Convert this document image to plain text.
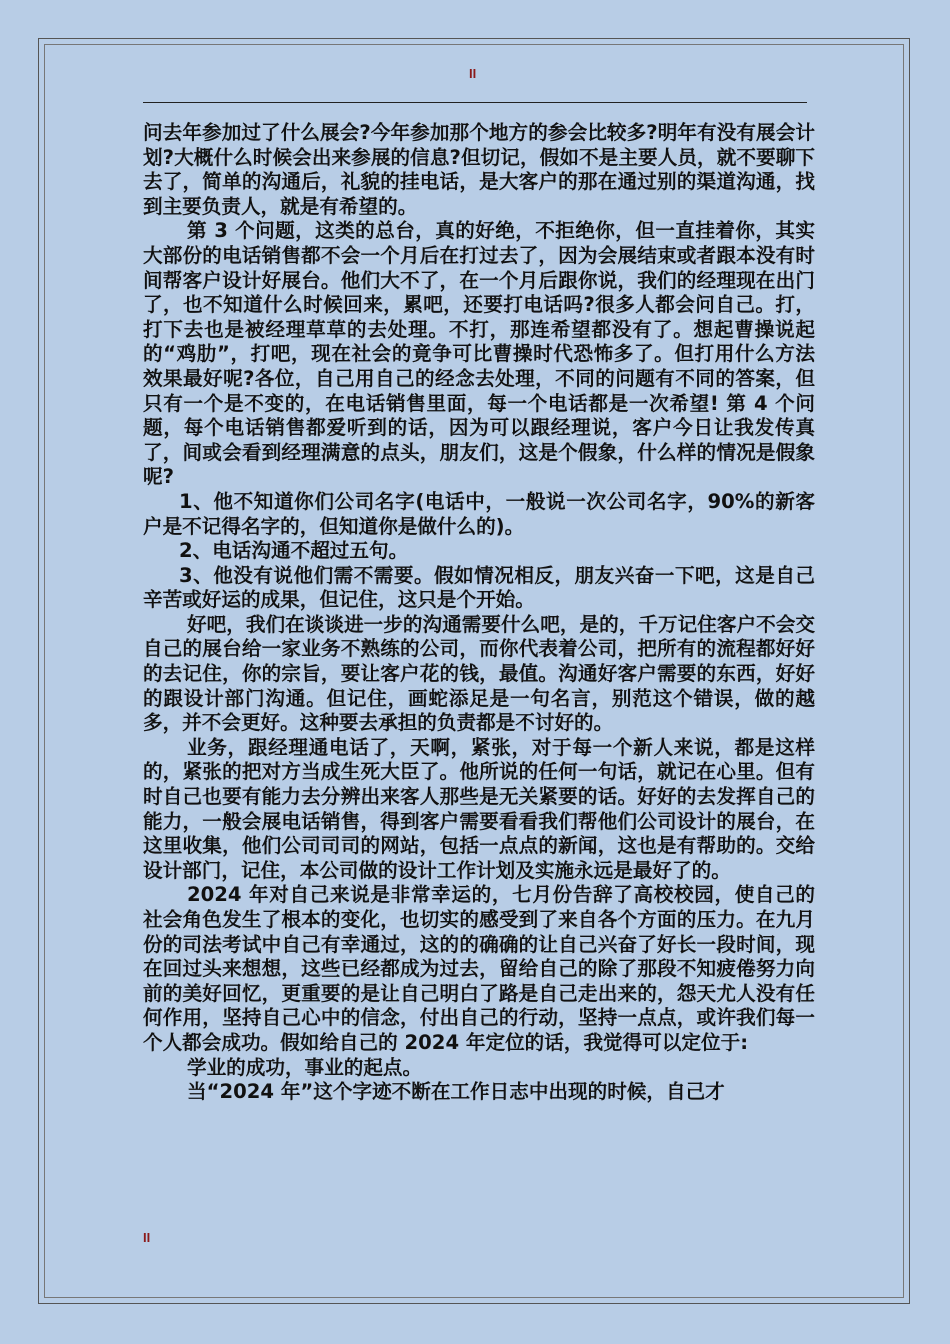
II

问去年参加过了什么展会?今年参加那个地方的参会比较多?明年有没有展会计划?大概什么时候会出来参展的信息?但切记，假如不是主要人员，就不要聊下去了，简单的沟通后，礼貌的挂电话，是大客户的那在通过别的渠道沟通，找到主要负责人，就是有希望的。

第 3 个问题，这类的总台，真的好绝，不拒绝你，但一直挂着你，其实大部份的电话销售都不会一个月后在打过去了，因为会展结束或者跟本没有时间帮客户设计好展台。他们大不了，在一个月后跟你说，我们的经理现在出门了，也不知道什么时候回来，累吧，还要打电话吗?很多人都会问自己。打，打下去也是被经理草草的去处理。不打，那连希望都没有了。想起曹操说起的“鸡肋”，打吧，现在社会的竟争可比曹操时代恐怖多了。但打用什么方法效果最好呢?各位，自己用自己的经念去处理，不同的问题有不同的答案，但只有一个是不变的，在电话销售里面，每一个电话都是一次希望! 第 4 个问题，每个电话销售都爱听到的话，因为可以跟经理说，客户今日让我发传真了，间或会看到经理满意的点头，朋友们，这是个假象，什么样的情况是假象呢?

1、他不知道你们公司名字(电话中，一般说一次公司名字，90%的新客户是不记得名字的，但知道你是做什么的)。

2、电话沟通不超过五句。

3、他没有说他们需不需要。假如情况相反，朋友兴奋一下吧，这是自己辛苦或好运的成果，但记住，这只是个开始。

好吧，我们在谈谈进一步的沟通需要什么吧，是的，千万记住客户不会交自己的展台给一家业务不熟练的公司，而你代表着公司，把所有的流程都好好的去记住，你的宗旨，要让客户花的钱，最值。沟通好客户需要的东西，好好的跟设计部门沟通。但记住，画蛇添足是一句名言，别范这个错误，做的越多，并不会更好。这种要去承担的负责都是不讨好的。

业务，跟经理通电话了，天啊，紧张，对于每一个新人来说，都是这样的，紧张的把对方当成生死大臣了。他所说的任何一句话，就记在心里。但有时自己也要有能力去分辨出来客人那些是无关紧要的话。好好的去发挥自己的能力，一般会展电话销售，得到客户需要看看我们帮他们公司设计的展台，在这里收集，他们公司司司的网站，包括一点点的新闻，这也是有帮助的。交给设计部门，记住，本公司做的设计工作计划及实施永远是最好了的。

2024 年对自己来说是非常幸运的，七月份告辞了高校校园，使自己的社会角色发生了根本的变化，也切实的感受到了来自各个方面的压力。在九月份的司法考试中自己有幸通过，这的的确确的让自己兴奋了好长一段时间，现在回过头来想想，这些已经都成为过去，留给自己的除了那段不知疲倦努力向前的美好回忆，更重要的是让自己明白了路是自己走出来的，怨天尤人没有任何作用，坚持自己心中的信念，付出自己的行动，坚持一点点，或许我们每一个人都会成功。假如给自己的 2024 年定位的话，我觉得可以定位于:

学业的成功，事业的起点。

当“2024 年”这个字迹不断在工作日志中出现的时候，自己才

II
